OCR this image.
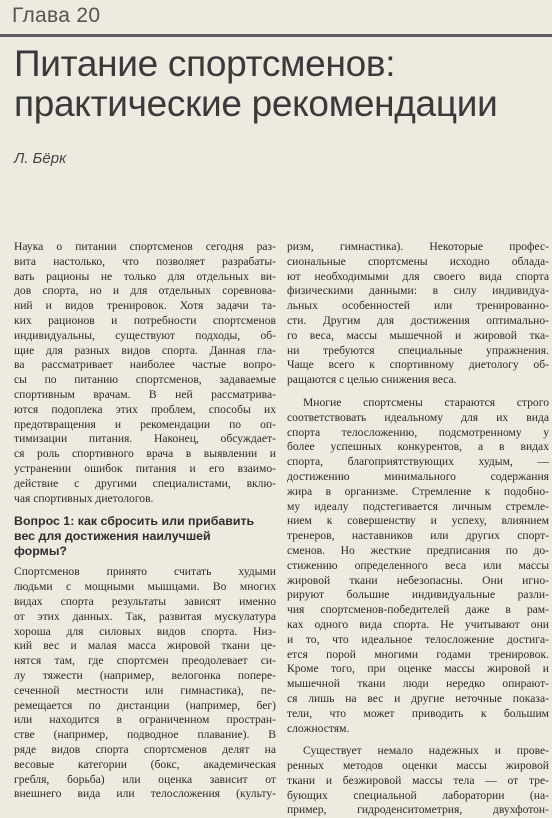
Глава 20
Питание спортсменов:
практические рекомендации
Л. Бёрк
Наука о питании спортсменов сегодня раз-
вита настолько, что позволяет разрабаты-
вать рационы не только для отдельных ви-
дов спорта, но и для отдельных соревнова-
ний и видов тренировок. Хотя задачи та-
ких рационов и потребности спортсменов
индивидуальны, существуют подходы, об-
щие для разных видов спорта. Данная гла-
ва рассматривает наиболее частые вопро-
сы по питанию спортсменов, задаваемые
спортивным врачам. В ней рассматрива-
ются подоплека этих проблем, способы их
предотвращения и рекомендации по оп-
тимизации питания. Наконец, обсуждает-
ся роль спортивного врача в выявлении и
устранении ошибок питания и его взаимо-
действие с другими специалистами, вклю-
чая спортивных диетологов.
Вопрос 1: как сбросить или прибавить
вес для достижения наилучшей
формы?
Спортсменов принято считать худыми
людьми с мощными мышцами. Во многих
видах спорта результаты зависят именно
от этих данных. Так, развитая мускулатура
хороша для силовых видов спорта. Низ-
кий вес и малая масса жировой ткани це-
нятся там, где спортсмен преодолевает си-
лу тяжести (например, велогонка попере-
сеченной местности или гимнастика), пе-
ремещается по дистанции (например, бег)
или находится в ограниченном простран-
стве (например, подводное плавание). В
ряде видов спорта спортсменов делят на
весовые категории (бокс, академическая
гребля, борьба) или оценка зависит от
внешнего вида или телосложения (культу-
ризм, гимнастика). Некоторые профес-
сиональные спортсмены исходно облада-
ют необходимыми для своего вида спорта
физическими данными: в силу индивидуа-
льных особенностей или тренированно-
сти. Другим для достижения оптимально-
го веса, массы мышечной и жировой тка-
ни требуются специальные упражнения.
Чаще всего к спортивному диетологу об-
ращаются с целью снижения веса.
Многие спортсмены стараются строго
соответствовать идеальному для их вида
спорта телосложению, подсмотренному у
более успешных конкурентов, а в видах
спорта, благоприятствующих худым, —
достижению минимального содержания
жира в организме. Стремление к подобно-
му идеалу подстегивается личным стремле-
нием к совершенству и успеху, влиянием
тренеров, наставников или других спорт-
сменов. Но жесткие предписания по до-
стижению определенного веса или массы
жировой ткани небезопасны. Они игно-
рируют большие индивидуальные разли-
чия спортсменов-победителей даже в рам-
ках одного вида спорта. Не учитывают они
и то, что идеальное телосложение достига-
ется порой многими годами тренировок.
Кроме того, при оценке массы жировой и
мышечной ткани люди нередко опирают-
ся лишь на вес и другие неточные показа-
тели, что может приводить к большим
сложностям.
Существует немало надежных и прове-
ренных методов оценки массы жировой
ткани и безжировой массы тела — от тре-
бующих специальной лаборатории (на-
пример, гидроденситометрия, двухфотон-
